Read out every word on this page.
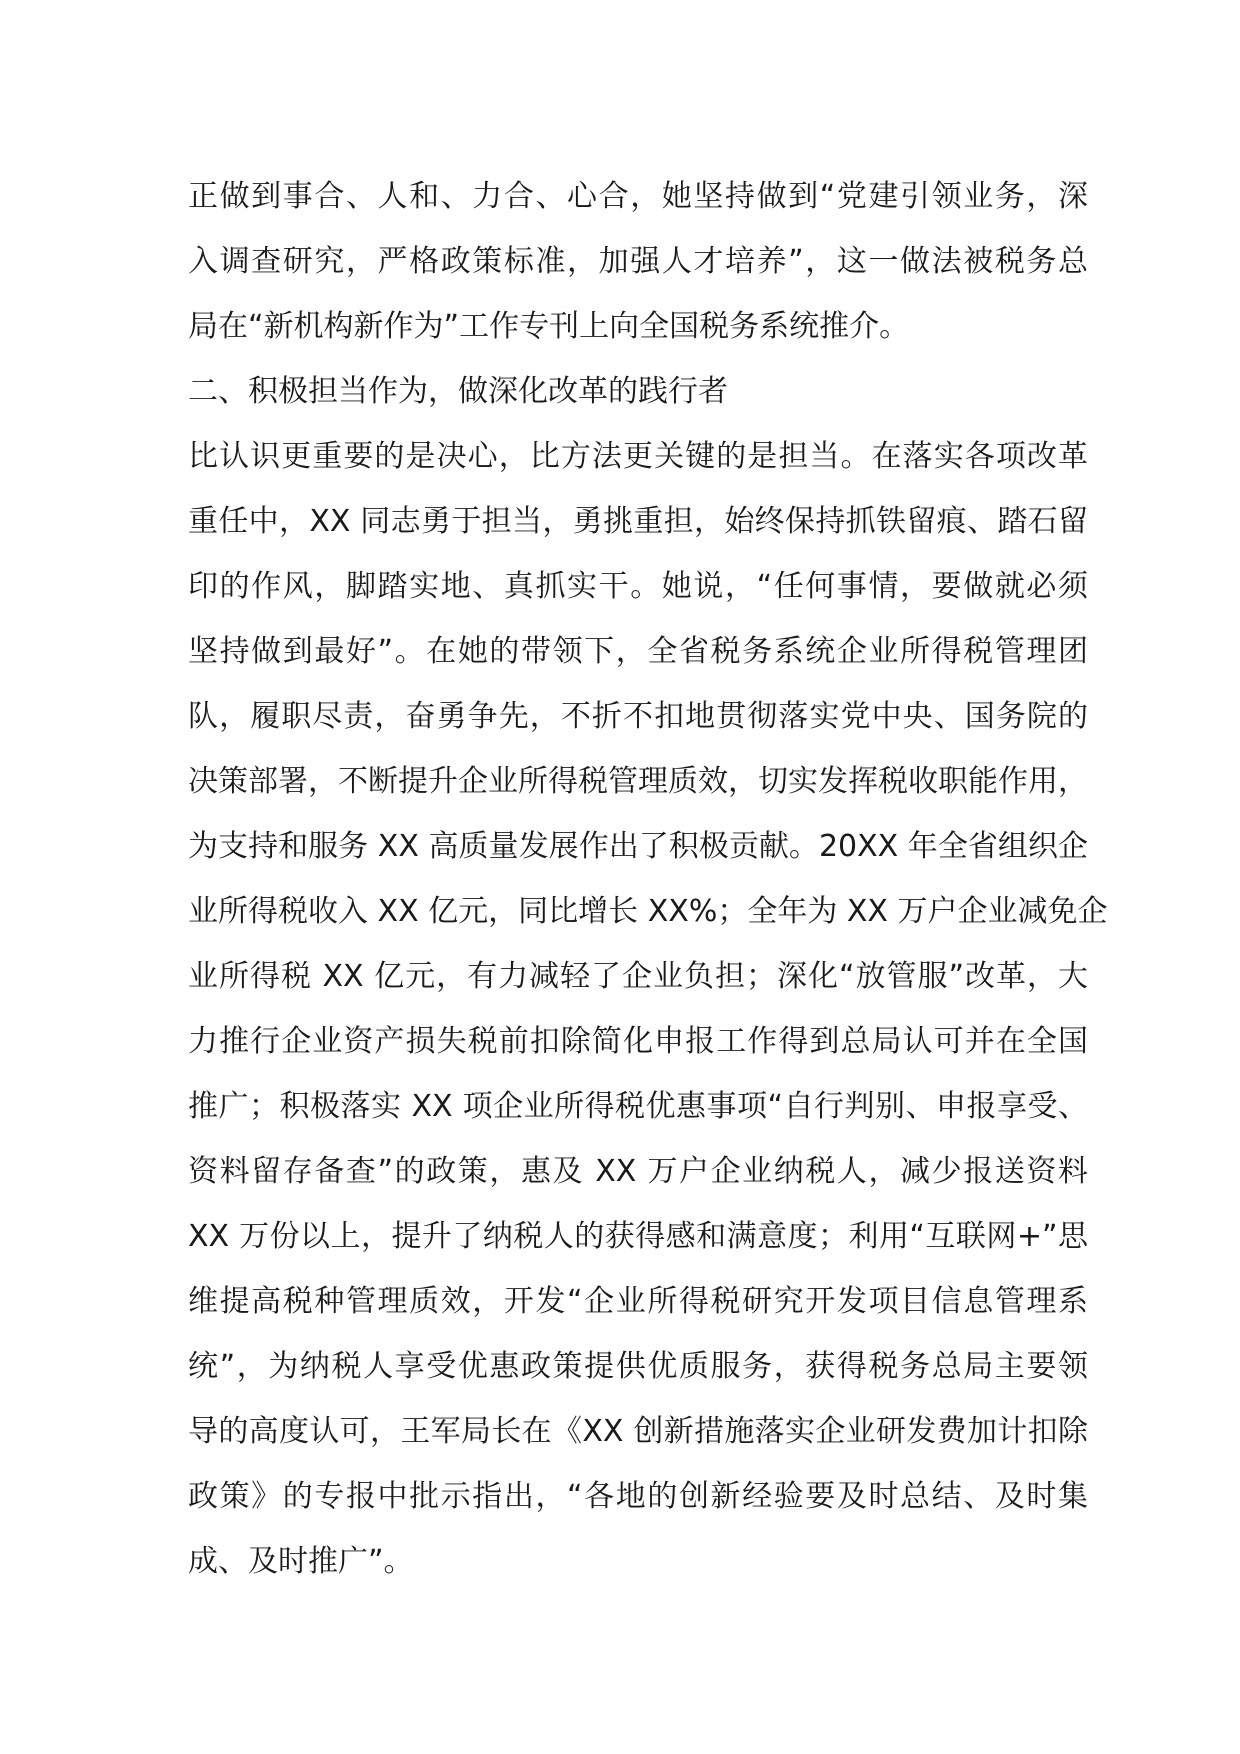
正做到事合、人和、力合、心合，她坚持做到“党建引领业务，深
入调查研究，严格政策标准，加强人才培养”，这一做法被税务总
局在“新机构新作为”工作专刊上向全国税务系统推介。
二、积极担当作为，做深化改革的践行者
比认识更重要的是决心，比方法更关键的是担当。在落实各项改革
重任中，XX 同志勇于担当，勇挑重担，始终保持抓铁留痕、踏石留
印的作风，脚踏实地、真抓实干。她说，“任何事情，要做就必须
坚持做到最好”。在她的带领下，全省税务系统企业所得税管理团
队，履职尽责，奋勇争先，不折不扣地贯彻落实党中央、国务院的
决策部署，不断提升企业所得税管理质效，切实发挥税收职能作用，
为支持和服务 XX 高质量发展作出了积极贡献。20XX 年全省组织企
业所得税收入 XX 亿元，同比增长 XX%；全年为 XX 万户企业减免企
业所得税 XX 亿元，有力减轻了企业负担；深化“放管服”改革，大
力推行企业资产损失税前扣除简化申报工作得到总局认可并在全国
推广；积极落实 XX 项企业所得税优惠事项“自行判别、申报享受、
资料留存备查”的政策，惠及 XX 万户企业纳税人，减少报送资料
XX 万份以上，提升了纳税人的获得感和满意度；利用“互联网+”思
维提高税种管理质效，开发“企业所得税研究开发项目信息管理系
统”，为纳税人享受优惠政策提供优质服务，获得税务总局主要领
导的高度认可，王军局长在《XX 创新措施落实企业研发费加计扣除
政策》的专报中批示指出，“各地的创新经验要及时总结、及时集
成、及时推广”。
